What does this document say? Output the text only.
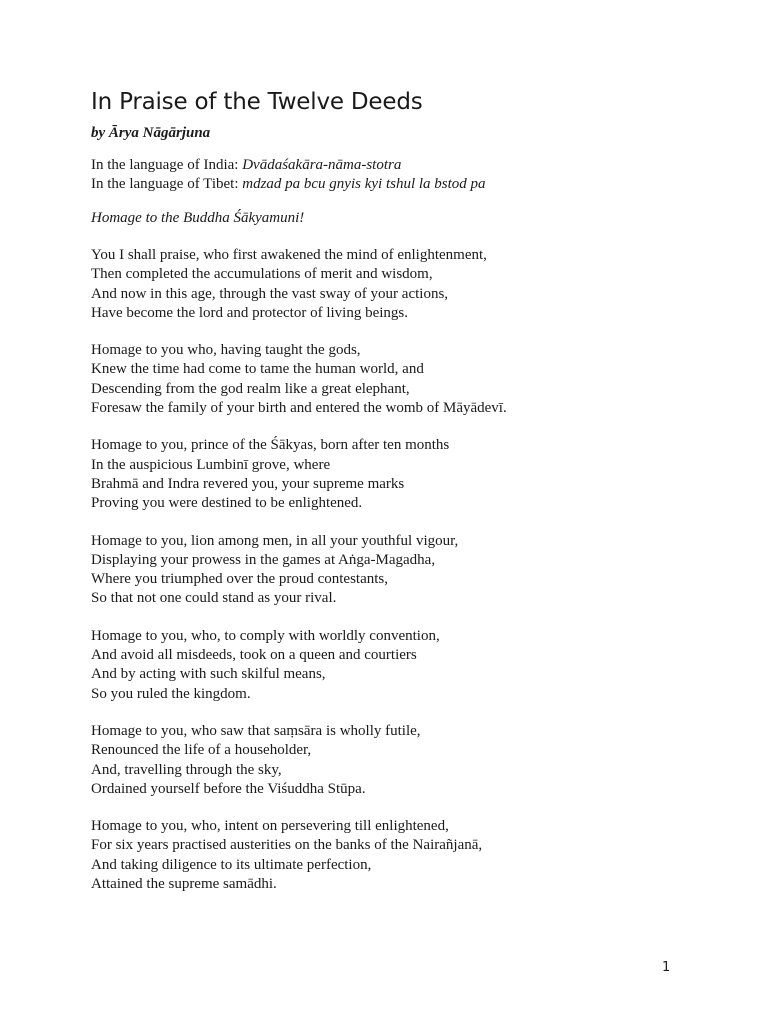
In Praise of the Twelve Deeds

by Ārya Nāgārjuna

In the language of India: Dvādaśakāra-nāma-stotra

In the language of Tibet: mdzad pa bcu gnyis kyi tshul la bstod pa

Homage to the Buddha Śākyamuni!

You I shall praise, who first awakened the mind of enlightenment,
Then completed the accumulations of merit and wisdom,
And now in this age, through the vast sway of your actions,
Have become the lord and protector of living beings.
Homage to you who, having taught the gods,
Knew the time had come to tame the human world, and
Descending from the god realm like a great elephant,
Foresaw the family of your birth and entered the womb of Māyādevī.
Homage to you, prince of the Śākyas, born after ten months
In the auspicious Lumbinī grove, where
Brahmā and Indra revered you, your supreme marks
Proving you were destined to be enlightened.
Homage to you, lion among men, in all your youthful vigour,
Displaying your prowess in the games at Aṅga-Magadha,
Where you triumphed over the proud contestants,
So that not one could stand as your rival.
Homage to you, who, to comply with worldly convention,
And avoid all misdeeds, took on a queen and courtiers
And by acting with such skilful means,
So you ruled the kingdom.
Homage to you, who saw that saṃsāra is wholly futile,
Renounced the life of a householder,
And, travelling through the sky,
Ordained yourself before the Viśuddha Stūpa.
Homage to you, who, intent on persevering till enlightened,
For six years practised austerities on the banks of the Nairañjanā,
And taking diligence to its ultimate perfection,
Attained the supreme samādhi.
1
